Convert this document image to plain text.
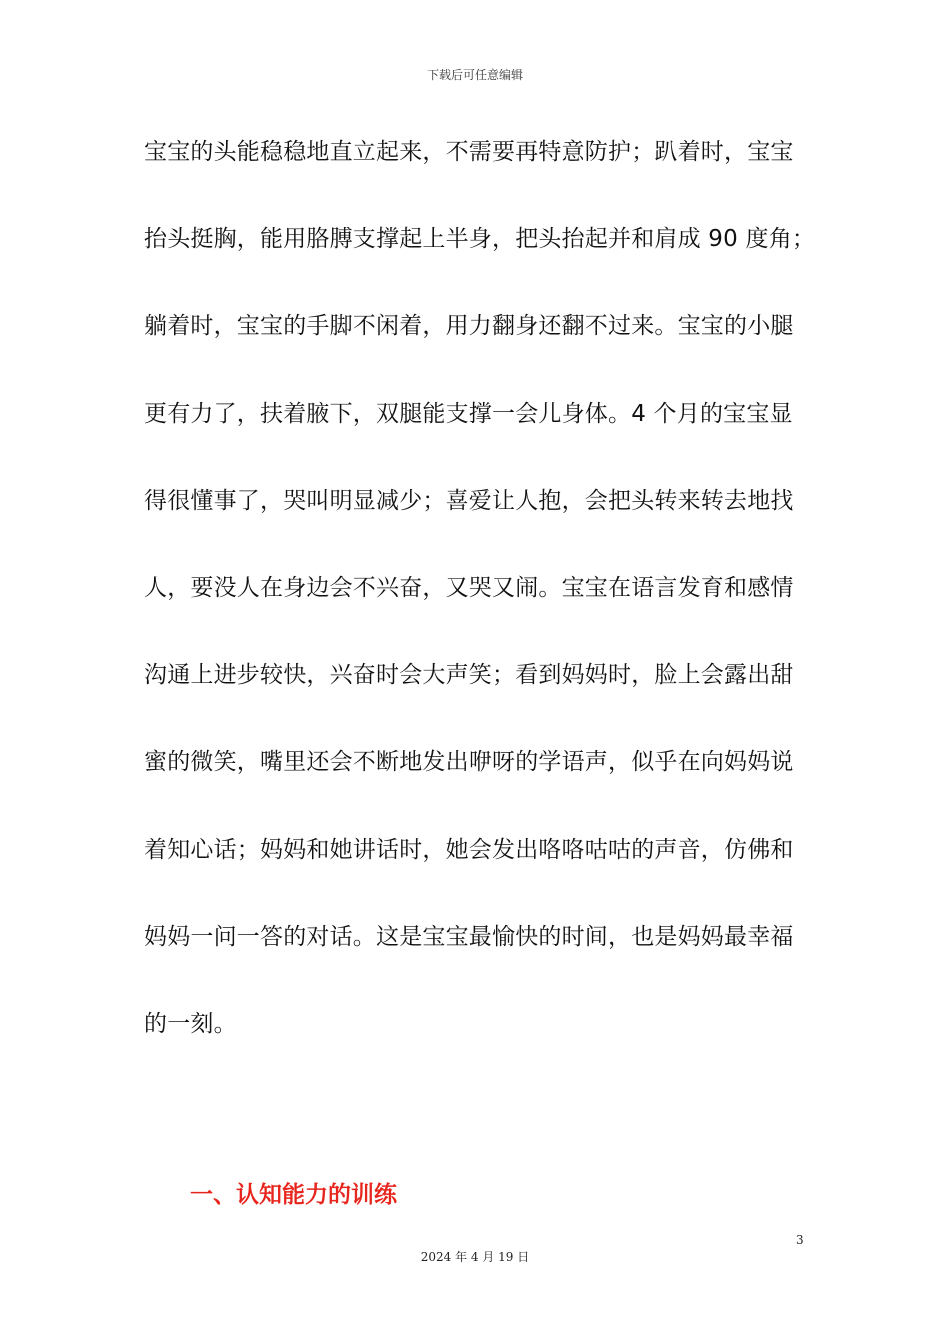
下载后可任意编辑
宝宝的头能稳稳地直立起来，不需要再特意防护；趴着时，宝宝
抬头挺胸，能用胳膊支撑起上半身，把头抬起并和肩成 90 度角；
躺着时，宝宝的手脚不闲着，用力翻身还翻不过来。宝宝的小腿
更有力了，扶着腋下，双腿能支撑一会儿身体。4 个月的宝宝显
得很懂事了，哭叫明显减少；喜爱让人抱，会把头转来转去地找
人，要没人在身边会不兴奋，又哭又闹。宝宝在语言发育和感情
沟通上进步较快，兴奋时会大声笑；看到妈妈时，脸上会露出甜
蜜的微笑，嘴里还会不断地发出咿呀的学语声，似乎在向妈妈说
着知心话；妈妈和她讲话时，她会发出咯咯咕咕的声音，仿佛和
妈妈一问一答的对话。这是宝宝最愉快的时间，也是妈妈最幸福
的一刻。
一、认知能力的训练
3
2024 年 4 月 19 日
